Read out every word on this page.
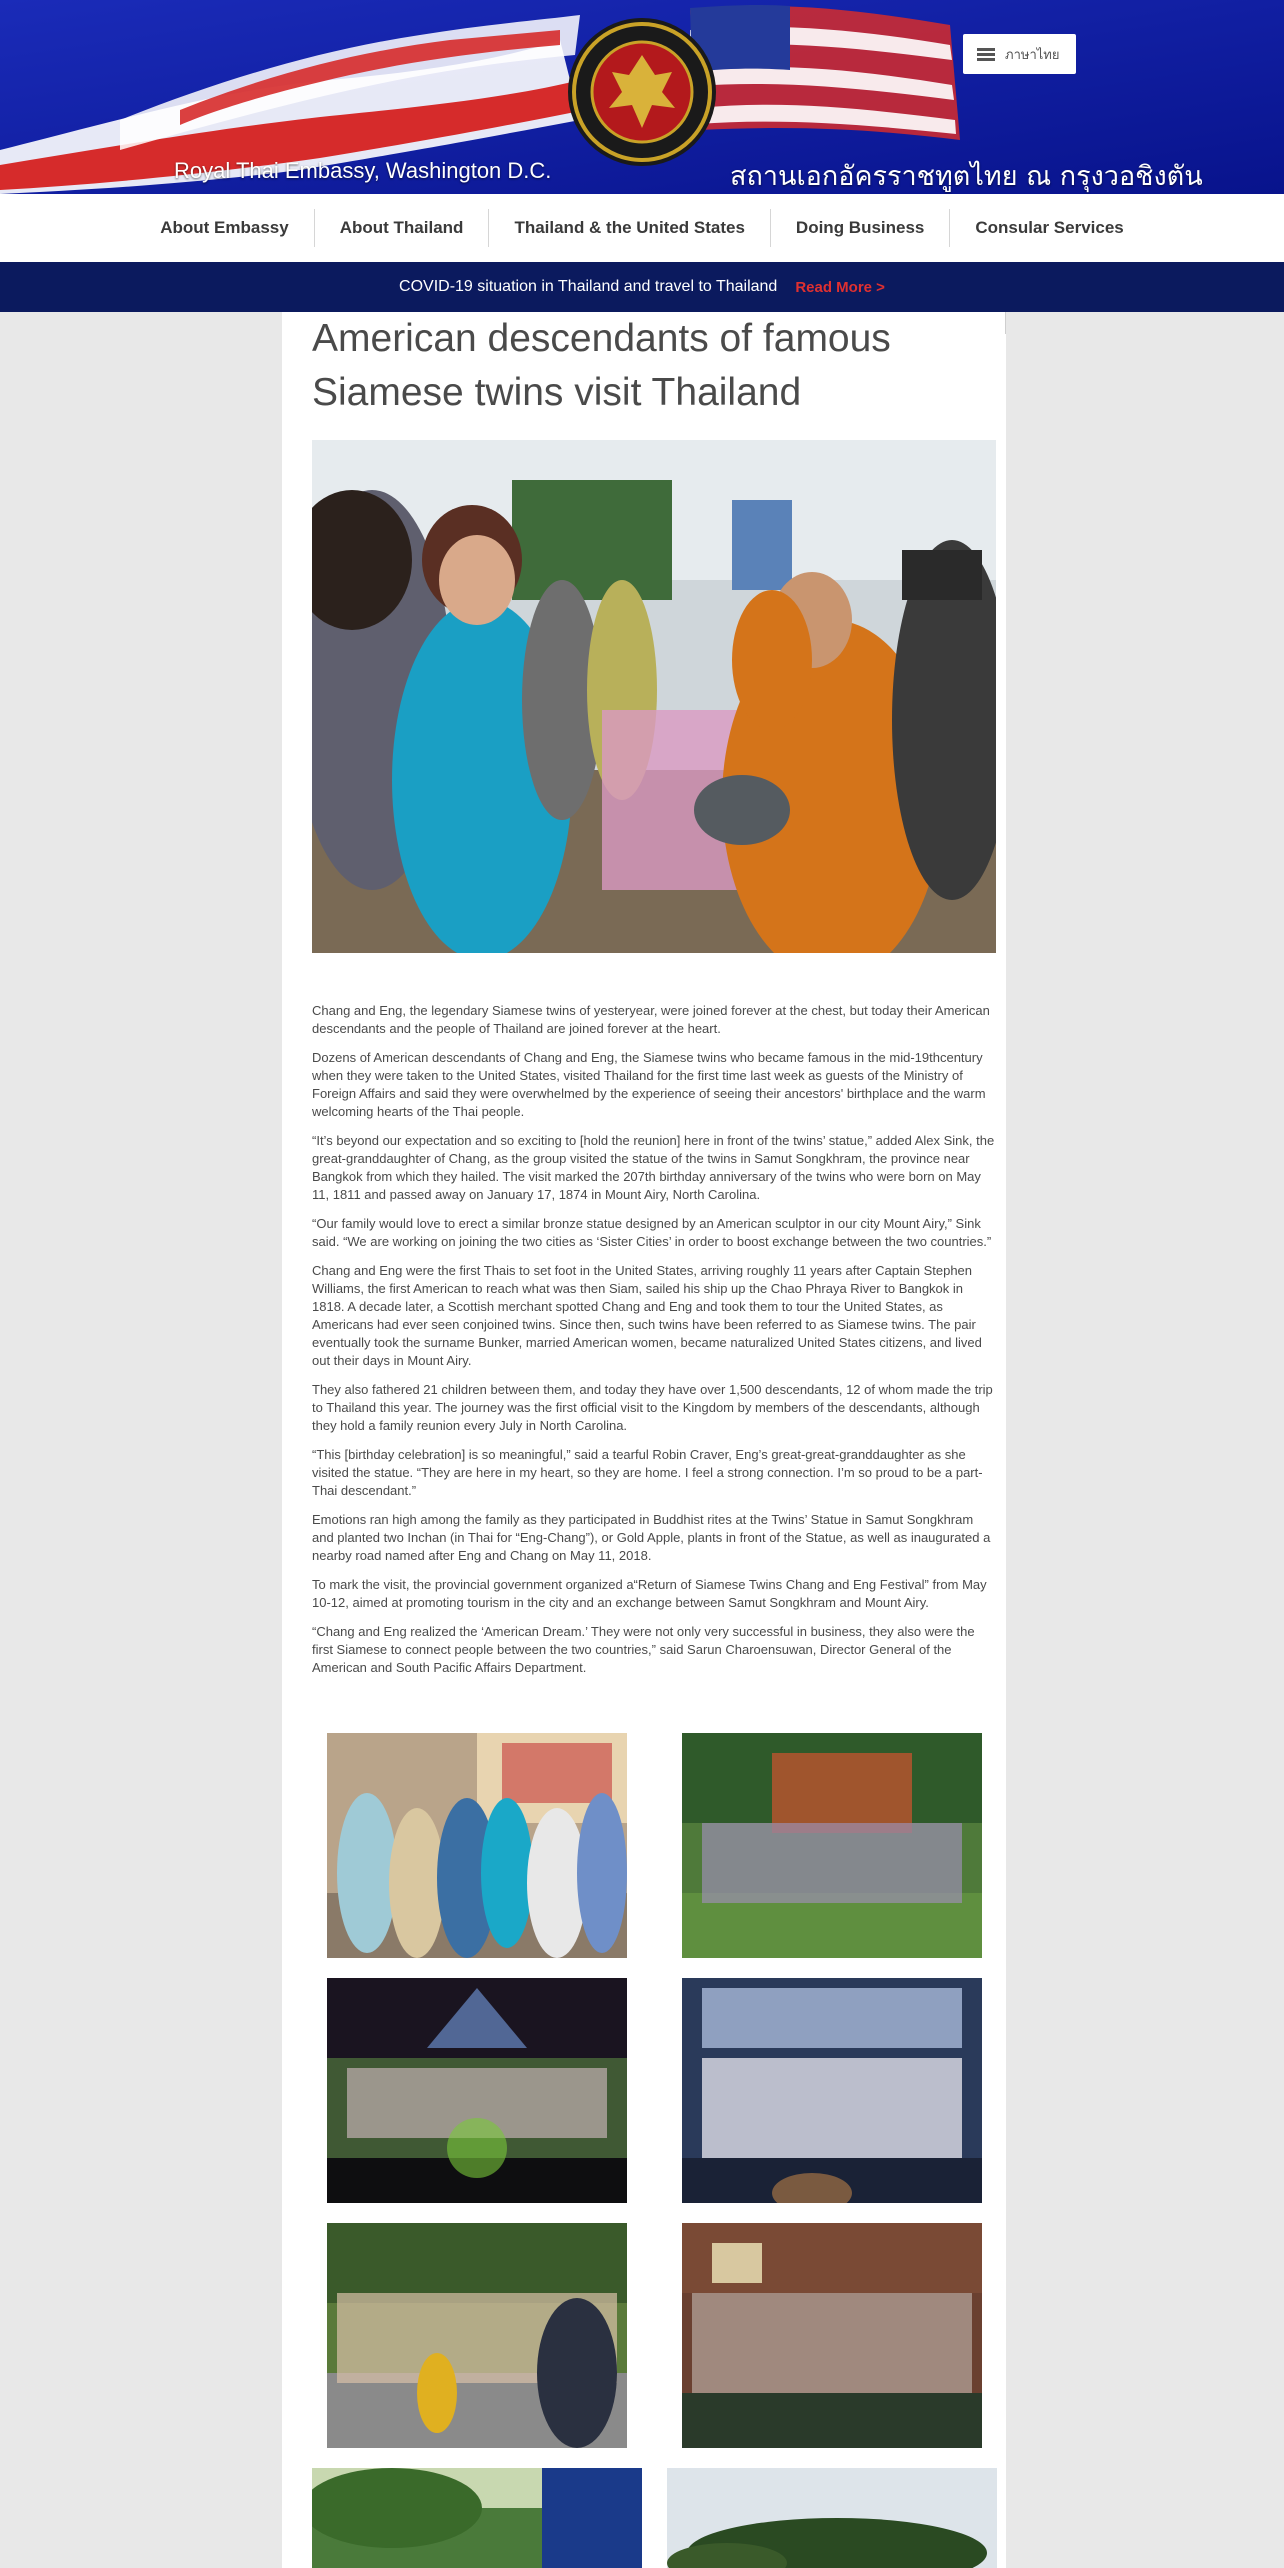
ภาษาไทย
Royal Thai Embassy, Washington D.C.	สถานเอกอัครราชทูตไทย ณ กรุงวอชิงตัน
About Embassy	About Thailand	Thailand & the United States	Doing Business	Consular Services
COVID-19 situation in Thailand and travel to Thailand Read More >
American descendants of famous Siamese twins visit Thailand

Chang and Eng, the legendary Siamese twins of yesteryear, were joined forever at the chest, but today their American descendants and the people of Thailand are joined forever at the heart.

Dozens of American descendants of Chang and Eng, the Siamese twins who became famous in the mid-19thcentury when they were taken to the United States, visited Thailand for the first time last week as guests of the Ministry of Foreign Affairs and said they were overwhelmed by the experience of seeing their ancestors' birthplace and the warm welcoming hearts of the Thai people.

“It’s beyond our expectation and so exciting to [hold the reunion] here in front of the twins’ statue,” added Alex Sink, the great-granddaughter of Chang, as the group visited the statue of the twins in Samut Songkhram, the province near Bangkok from which they hailed. The visit marked the 207th birthday anniversary of the twins who were born on May 11, 1811 and passed away on January 17, 1874 in Mount Airy, North Carolina.

“Our family would love to erect a similar bronze statue designed by an American sculptor in our city Mount Airy,” Sink said. “We are working on joining the two cities as ‘Sister Cities’ in order to boost exchange between the two countries.”

Chang and Eng were the first Thais to set foot in the United States, arriving roughly 11 years after Captain Stephen Williams, the first American to reach what was then Siam, sailed his ship up the Chao Phraya River to Bangkok in 1818. A decade later, a Scottish merchant spotted Chang and Eng and took them to tour the United States, as Americans had ever seen conjoined twins. Since then, such twins have been referred to as Siamese twins. The pair eventually took the surname Bunker, married American women, became naturalized United States citizens, and lived out their days in Mount Airy.

They also fathered 21 children between them, and today they have over 1,500 descendants, 12 of whom made the trip to Thailand this year. The journey was the first official visit to the Kingdom by members of the descendants, although they hold a family reunion every July in North Carolina.

“This [birthday celebration] is so meaningful,” said a tearful Robin Craver, Eng’s great-great-granddaughter as she visited the statue. “They are here in my heart, so they are home. I feel a strong connection. I’m so proud to be a part-Thai descendant.”

Emotions ran high among the family as they participated in Buddhist rites at the Twins’ Statue in Samut Songkhram and planted two Inchan (in Thai for “Eng-Chang”), or Gold Apple, plants in front of the Statue, as well as inaugurated a nearby road named after Eng and Chang on May 11, 2018.

To mark the visit, the provincial government organized a“Return of Siamese Twins Chang and Eng Festival” from May 10-12, aimed at promoting tourism in the city and an exchange between Samut Songkhram and Mount Airy.

“Chang and Eng realized the ‘American Dream.’ They were not only very successful in business, they also were the first Siamese to connect people between the two countries,” said Sarun Charoensuwan, Director General of the American and South Pacific Affairs Department.
